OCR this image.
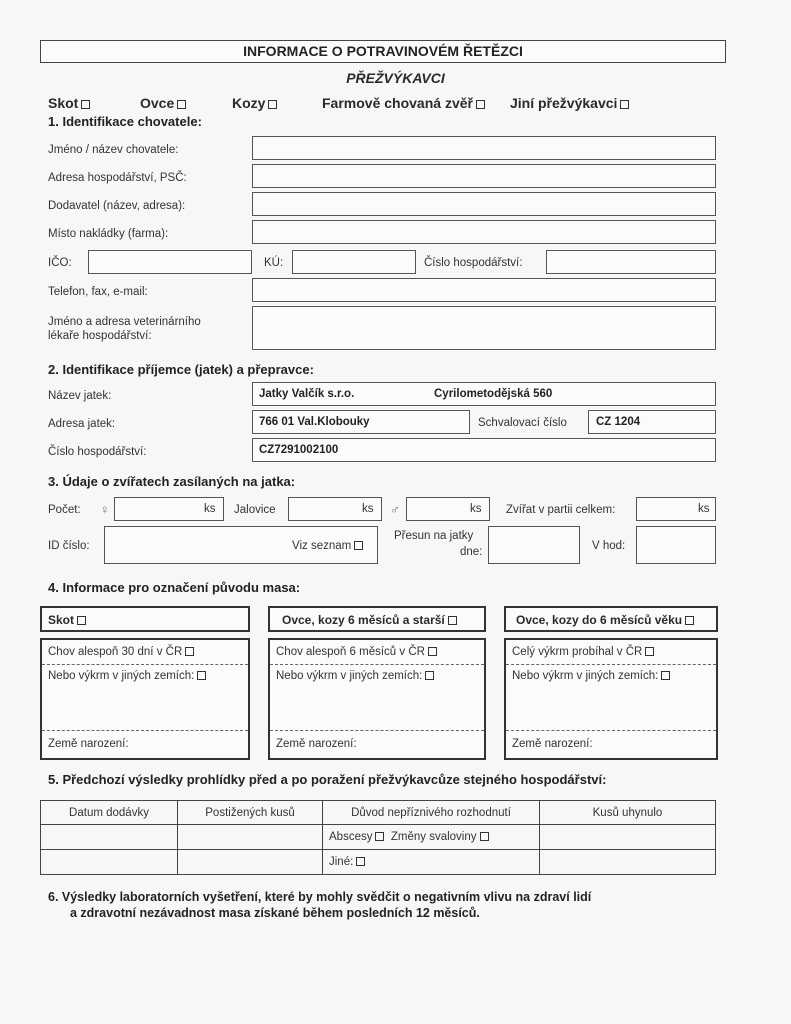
INFORMACE O POTRAVINOVÉM ŘETĚZCI
PŘEŽVÝKAVCI
Skot	Ovce	Kozy	Farmově chovaná zvěř	Jiní přežvýkavci
1. Identifikace chovatele:
Jméno / název chovatele:
Adresa hospodářství, PSČ:
Dodavatel (název, adresa):
Místo nakládky (farma):
IČO:	KÚ:	Číslo hospodářství:
Telefon, fax, e-mail:
Jméno a adresa veterinárního
lékaře hospodářství:
2. Identifikace příjemce (jatek) a přepravce:
Název jatek:	Jatky Valčík s.r.o.	Cyrilometodějská 560
Adresa jatek:	766 01 Val.Klobouky	Schvalovací číslo	CZ 1204
Číslo hospodářství:	CZ7291002100
3. Údaje o zvířatech zasílaných na jatka:
Počet: ♀	ks Jalovice	ks ♂	ks Zvířat v partii celkem:	ks
ID číslo:	Viz seznam
Přesun na jatky
dne:	V hod:
4. Informace pro označení původu masa:
Skot
Chov alespoň 30 dní v ČR
Nebo výkrm v jiných zemích:
Země narození:
Ovce, kozy 6 měsíců a starší
Chov alespoň 6 měsíců v ČR
Nebo výkrm v jiných zemích:
Země narození:
Ovce, kozy do 6 měsíců věku
Celý výkrm probíhal v ČR
Nebo výkrm v jiných zemích:
Země narození:
5. Předchozí výsledky prohlídky před a po poražení přežvýkavcůze stejného hospodářství:
Datum dodávky	Postižených kusů	Důvod nepříznivého rozhodnutí	Kusů uhynulo
		Abscesy Změny svaloviny	
		Jiné:	
6. Výsledky laboratorních vyšetření, které by mohly svědčit o negativním vlivu na zdraví lidí
a zdravotní nezávadnost masa získané během posledních 12 měsíců.
